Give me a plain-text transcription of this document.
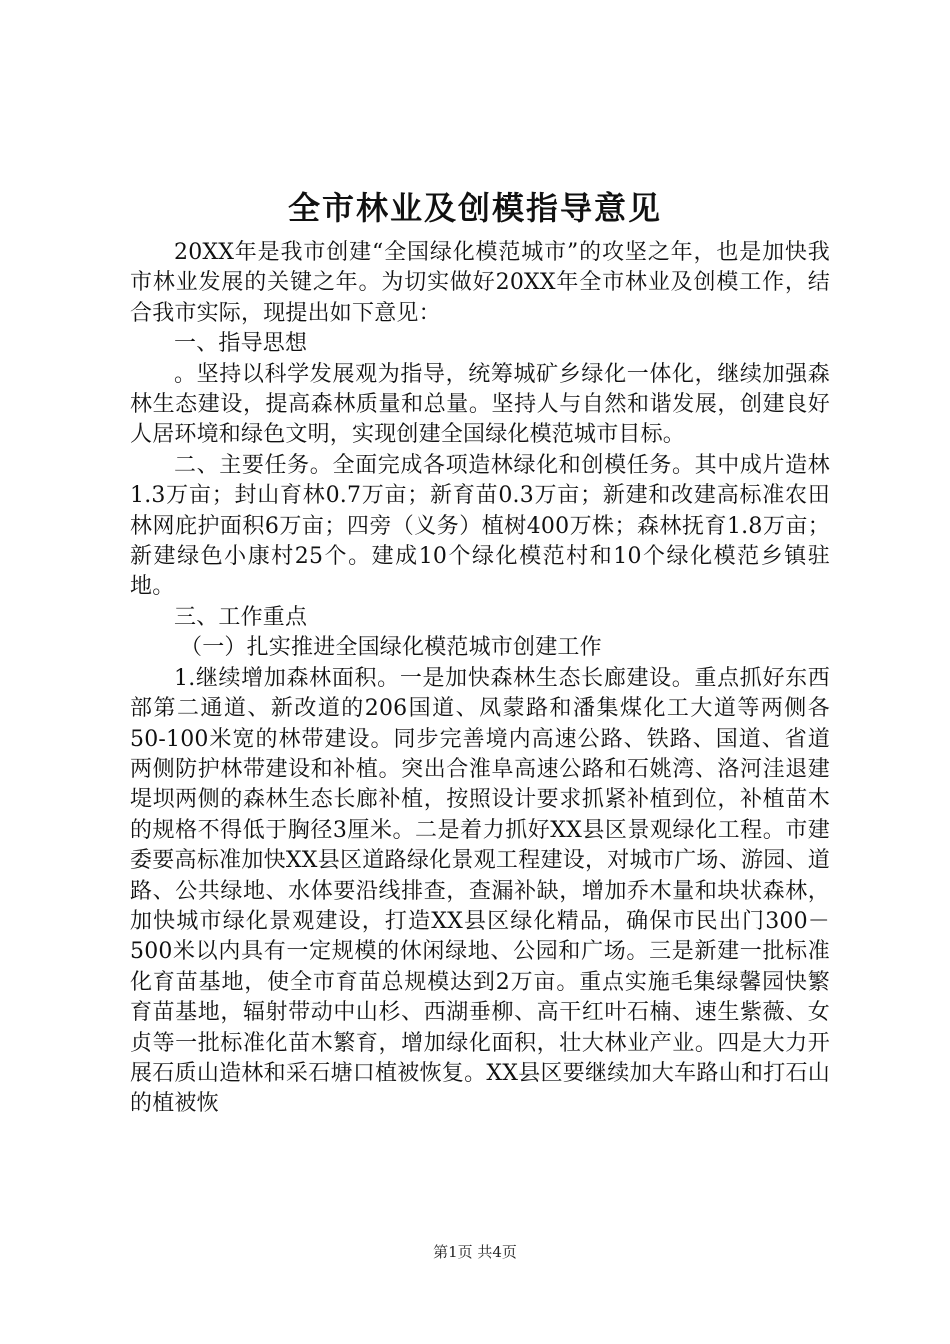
全市林业及创模指导意见

20XX年是我市创建“全国绿化模范城市”的攻坚之年，也是加快我市林业发展的关键之年。为切实做好20XX年全市林业及创模工作，结合我市实际，现提出如下意见：

一、指导思想

。坚持以科学发展观为指导，统筹城矿乡绿化一体化，继续加强森林生态建设，提高森林质量和总量。坚持人与自然和谐发展，创建良好人居环境和绿色文明，实现创建全国绿化模范城市目标。

二、主要任务。全面完成各项造林绿化和创模任务。其中成片造林1.3万亩；封山育林0.7万亩；新育苗0.3万亩；新建和改建高标准农田林网庇护面积6万亩；四旁（义务）植树400万株；森林抚育1.8万亩；新建绿色小康村25个。建成10个绿化模范村和10个绿化模范乡镇驻地。

三、工作重点

（一）扎实推进全国绿化模范城市创建工作

1.继续增加森林面积。一是加快森林生态长廊建设。重点抓好东西部第二通道、新改道的206国道、凤蒙路和潘集煤化工大道等两侧各50-100米宽的林带建设。同步完善境内高速公路、铁路、国道、省道两侧防护林带建设和补植。突出合淮阜高速公路和石姚湾、洛河洼退建堤坝两侧的森林生态长廊补植，按照设计要求抓紧补植到位，补植苗木的规格不得低于胸径3厘米。二是着力抓好XX县区景观绿化工程。市建委要高标准加快XX县区道路绿化景观工程建设，对城市广场、游园、道路、公共绿地、水体要沿线排查，查漏补缺，增加乔木量和块状森林，加快城市绿化景观建设，打造XX县区绿化精品，确保市民出门300－500米以内具有一定规模的休闲绿地、公园和广场。三是新建一批标准化育苗基地，使全市育苗总规模达到2万亩。重点实施毛集绿馨园快繁育苗基地，辐射带动中山杉、西湖垂柳、高干红叶石楠、速生紫薇、女贞等一批标准化苗木繁育，增加绿化面积，壮大林业产业。四是大力开展石质山造林和采石塘口植被恢复。XX县区要继续加大车路山和打石山的植被恢

第1页 共4页
